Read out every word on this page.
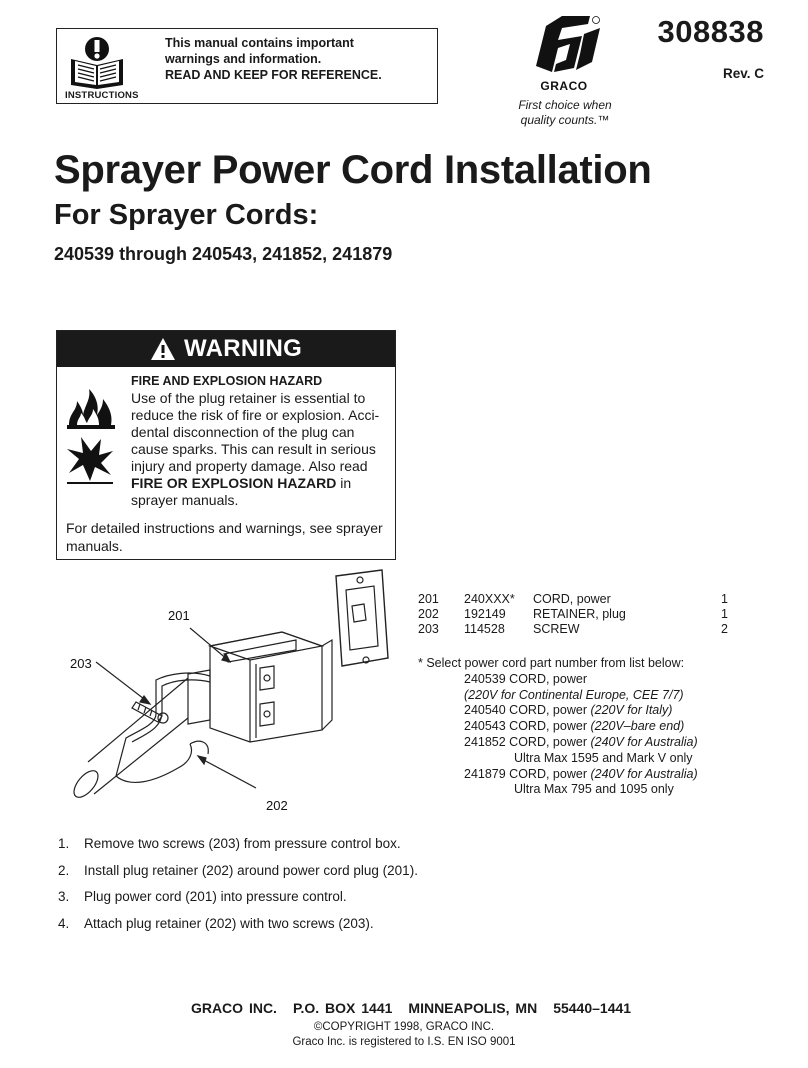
This manual contains important
warnings and information.
READ AND KEEP FOR REFERENCE.
INSTRUCTIONS
GRACO
First choice when
quality counts.™
308838
Rev. C
Sprayer Power Cord Installation
For Sprayer Cords:
240539 through 240543, 241852, 241879
WARNING
FIRE AND EXPLOSION HAZARD
Use of the plug retainer is essential to reduce the risk of fire or explosion. Acci-dental disconnection of the plug can cause sparks. This can result in serious injury and property damage. Also read FIRE OR EXPLOSION HAZARD in sprayer manuals.
For detailed instructions and warnings, see sprayer manuals.
201
203
202
201 240XXX* CORD, power	1
202 192149 RETAINER, plug	1
203 114528 SCREW	2
* Select power cord part number from list below:
240539 CORD, power
(220V for Continental Europe, CEE 7/7)
240540 CORD, power (220V for Italy)
240543 CORD, power (220V–bare end)
241852 CORD, power (240V for Australia)
Ultra Max 1595 and Mark V only
241879 CORD, power (240V for Australia)
Ultra Max 795 and 1095 only
1. Remove two screws (203) from pressure control box.
2. Install plug retainer (202) around power cord plug (201).
3. Plug power cord (201) into pressure control.
4. Attach plug retainer (202) with two screws (203).
GRACO INC. P.O. BOX 1441 MINNEAPOLIS, MN 55440–1441
©COPYRIGHT 1998, GRACO INC.
Graco Inc. is registered to I.S. EN ISO 9001
